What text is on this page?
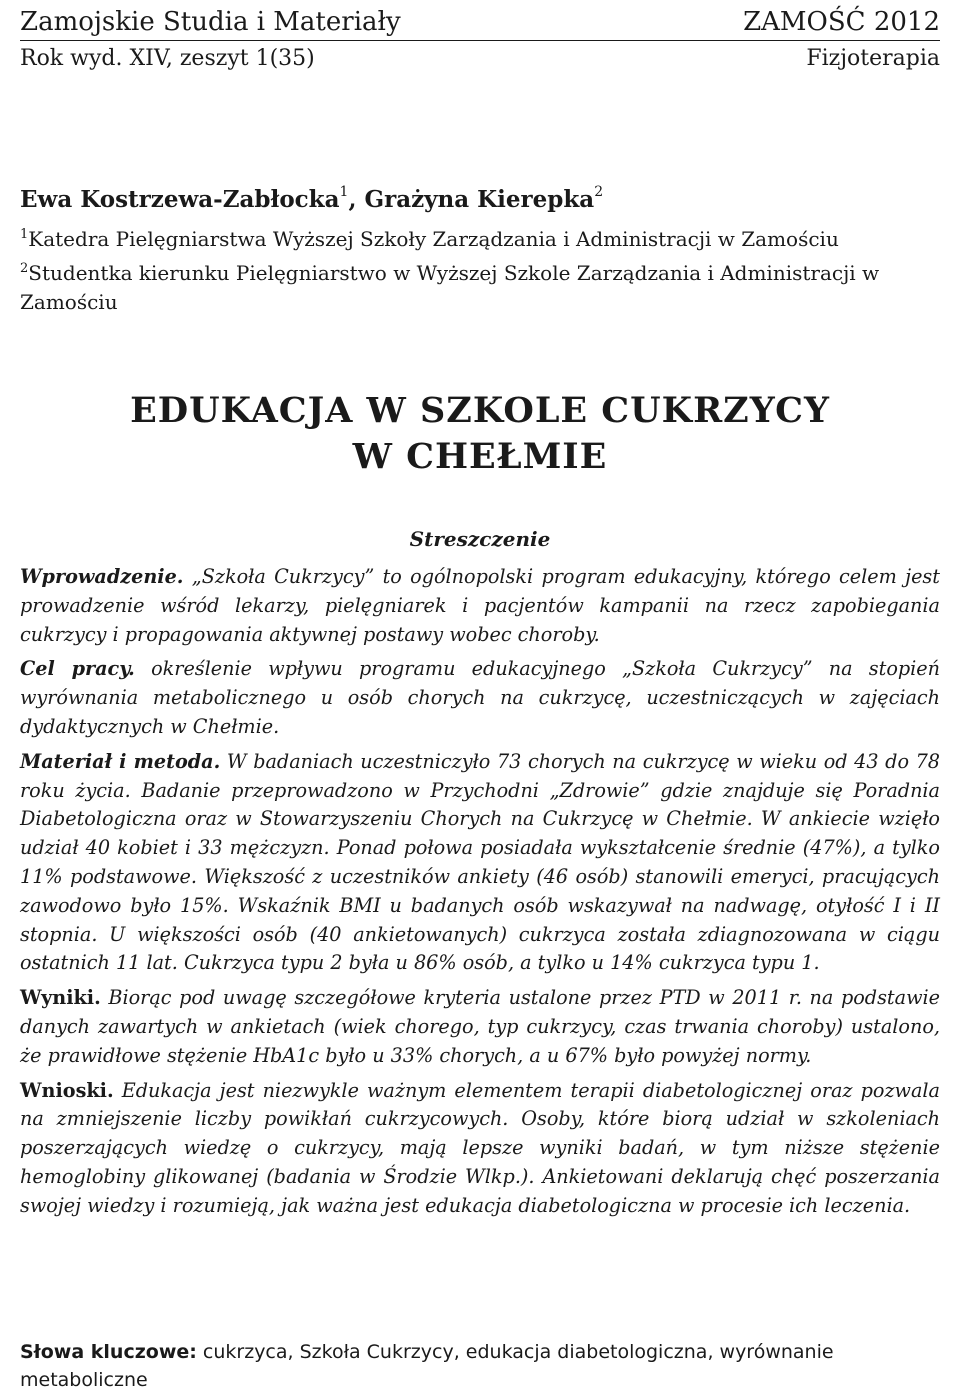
Zamojskie Studia i Materiały	ZAMOŚĆ 2012
Rok wyd. XIV, zeszyt 1(35)	Fizjoterapia
Ewa Kostrzewa-Zabłocka$^1$, Grażyna Kierepka$^2$
$^1$Katedra Pielęgniarstwa Wyższej Szkoły Zarządzania i Administracji w Zamościu
$^2$Studentka kierunku Pielęgniarstwo w Wyższej Szkole Zarządzania i Administracji w Zamościu
EDUKACJA W SZKOLE CUKRZYCY
W CHEŁMIE
Streszczenie

Wprowadzenie. „Szkoła Cukrzycy” to ogólnopolski program edukacyjny, którego celem jest prowadzenie wśród lekarzy, pielęgniarek i pacjentów kampanii na rzecz zapobiegania cukrzycy i propagowania aktywnej postawy wobec choroby.

Cel pracy. określenie wpływu programu edukacyjnego „Szkoła Cukrzycy” na stopień wyrównania metabolicznego u osób chorych na cukrzycę, uczestniczących w zajęciach dydaktycznych w Chełmie.

Materiał i metoda. W badaniach uczestniczyło 73 chorych na cukrzycę w wieku od 43 do 78 roku życia. Badanie przeprowadzono w Przychodni „Zdrowie” gdzie znajduje się Poradnia Diabetologiczna oraz w Stowarzyszeniu Chorych na Cukrzycę w Chełmie. W ankiecie wzięło udział 40 kobiet i 33 mężczyzn. Ponad połowa posiadała wykształcenie średnie (47%), a tylko 11% podstawowe. Większość z uczestników ankiety (46 osób) stanowili emeryci, pracujących zawodowo było 15%. Wskaźnik BMI u badanych osób wskazywał na nadwagę, otyłość I i II stopnia. U większości osób (40 ankietowanych) cukrzyca została zdiagnozowana w ciągu ostatnich 11 lat. Cukrzyca typu 2 była u 86% osób, a tylko u 14% cukrzyca typu 1.

Wyniki. Biorąc pod uwagę szczegółowe kryteria ustalone przez PTD w 2011 r. na podstawie danych zawartych w ankietach (wiek chorego, typ cukrzycy, czas trwania choroby) ustalono, że prawidłowe stężenie HbA1c było u 33% chorych, a u 67% było powyżej normy.

Wnioski. Edukacja jest niezwykle ważnym elementem terapii diabetologicznej oraz pozwala na zmniejszenie liczby powikłań cukrzycowych. Osoby, które biorą udział w szkoleniach poszerzających wiedzę o cukrzycy, mają lepsze wyniki badań, w tym niższe stężenie hemoglobiny glikowanej (badania w Środzie Wlkp.). Ankietowani deklarują chęć poszerzania swojej wiedzy i rozumieją, jak ważna jest edukacja diabetologiczna w procesie ich leczenia.

Słowa kluczowe: cukrzyca, Szkoła Cukrzycy, edukacja diabetologiczna, wyrównanie metaboliczne
